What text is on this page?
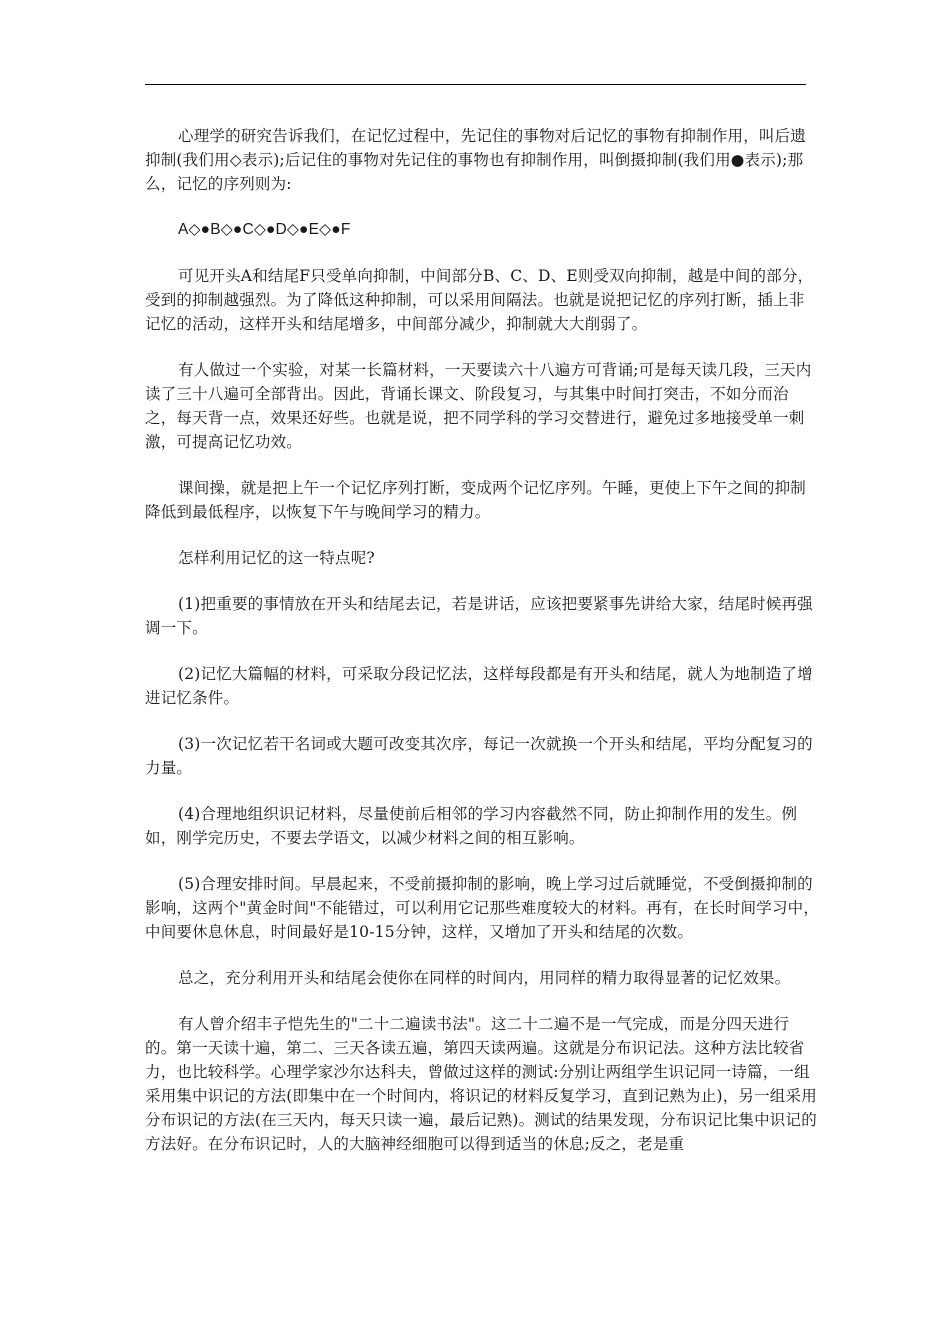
心理学的研究告诉我们，在记忆过程中，先记住的事物对后记忆的事物有抑制作用，叫后遗抑制(我们用◇表示);后记住的事物对先记住的事物也有抑制作用，叫倒摄抑制(我们用●表示);那么，记忆的序列则为:

A◇●B◇●C◇●D◇●E◇●F

可见开头A和结尾F只受单向抑制，中间部分B、C、D、E则受双向抑制，越是中间的部分，受到的抑制越强烈。为了降低这种抑制，可以采用间隔法。也就是说把记忆的序列打断，插上非记忆的活动，这样开头和结尾增多，中间部分减少，抑制就大大削弱了。

有人做过一个实验，对某一长篇材料，一天要读六十八遍方可背诵;可是每天读几段，三天内读了三十八遍可全部背出。因此，背诵长课文、阶段复习，与其集中时间打突击，不如分而治之，每天背一点，效果还好些。也就是说，把不同学科的学习交替进行，避免过多地接受单一刺激，可提高记忆功效。

课间操，就是把上午一个记忆序列打断，变成两个记忆序列。午睡，更使上下午之间的抑制降低到最低程序，以恢复下午与晚间学习的精力。

怎样利用记忆的这一特点呢?

(1)把重要的事情放在开头和结尾去记，若是讲话，应该把要紧事先讲给大家，结尾时候再强调一下。

(2)记忆大篇幅的材料，可采取分段记忆法，这样每段都是有开头和结尾，就人为地制造了增进记忆条件。

(3)一次记忆若干名词或大题可改变其次序，每记一次就换一个开头和结尾，平均分配复习的力量。

(4)合理地组织识记材料，尽量使前后相邻的学习内容截然不同，防止抑制作用的发生。例如，刚学完历史，不要去学语文，以减少材料之间的相互影响。

(5)合理安排时间。早晨起来，不受前摄抑制的影响，晚上学习过后就睡觉，不受倒摄抑制的影响，这两个"黄金时间"不能错过，可以利用它记那些难度较大的材料。再有，在长时间学习中，中间要休息休息，时间最好是10-15分钟，这样，又增加了开头和结尾的次数。

总之，充分利用开头和结尾会使你在同样的时间内，用同样的精力取得显著的记忆效果。

有人曾介绍丰子恺先生的"二十二遍读书法"。这二十二遍不是一气完成，而是分四天进行的。第一天读十遍，第二、三天各读五遍，第四天读两遍。这就是分布识记法。这种方法比较省力，也比较科学。心理学家沙尔达科夫，曾做过这样的测试:分别让两组学生识记同一诗篇，一组采用集中识记的方法(即集中在一个时间内，将识记的材料反复学习，直到记熟为止)，另一组采用分布识记的方法(在三天内，每天只读一遍，最后记熟)。测试的结果发现，分布识记比集中识记的方法好。在分布识记时，人的大脑神经细胞可以得到适当的休息;反之，老是重
